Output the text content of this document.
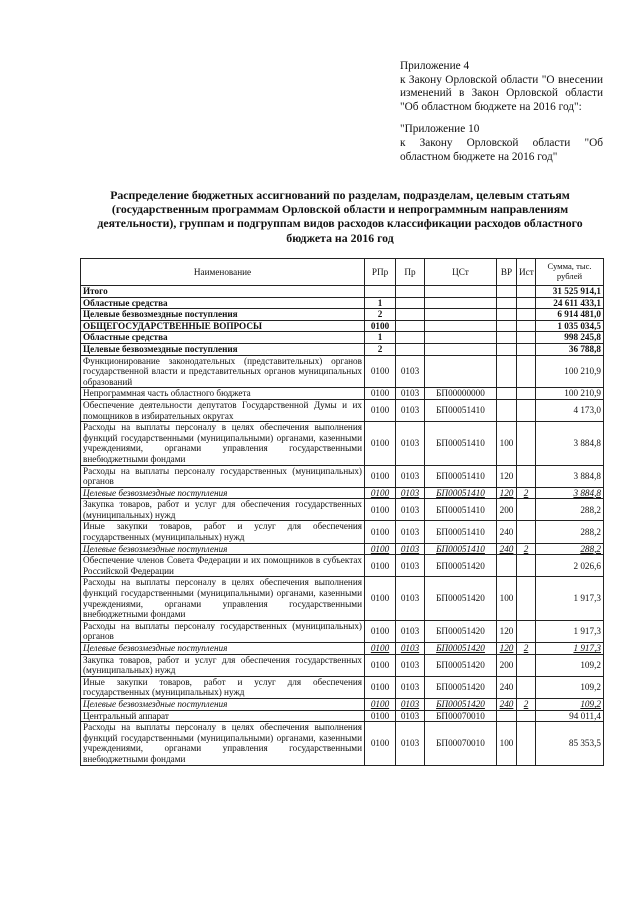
Приложение 4

к Закону Орловской области "О внесении изменений в Закон Орловской области "Об областном бюджете на 2016 год":

"Приложение 10

к Закону Орловской области "Об областном бюджете на 2016 год"

Распределение бюджетных ассигнований по разделам, подразделам, целевым статьям (государственным программам Орловской области и непрограммным направлениям деятельности), группам и подгруппам видов расходов классификации расходов областного бюджета на 2016 год
Наименование	РПр	Пр	ЦСт	ВР	Ист	Сумма, тыс. рублей
Итого						31 525 914,1
Областные средства	1					24 611 433,1
Целевые безвозмездные поступления	2					6 914 481,0
ОБЩЕГОСУДАРСТВЕННЫЕ ВОПРОСЫ	0100					1 035 034,5
Областные средства	1					998 245,8
Целевые безвозмездные поступления	2					36 788,8
Функционирование законодательных (представительных) органов государственной власти и представительных органов муниципальных образований	0100	0103				100 210,9
Непрограммная часть областного бюджета	0100	0103	БП00000000			100 210,9
Обеспечение деятельности депутатов Государственной Думы и их помощников в избирательных округах	0100	0103	БП00051410			4 173,0
Расходы на выплаты персоналу в целях обеспечения выполнения функций государственными (муниципальными) органами, казенными учреждениями, органами управления государственными внебюджетными фондами	0100	0103	БП00051410	100		3 884,8
Расходы на выплаты персоналу государственных (муниципальных) органов	0100	0103	БП00051410	120		3 884,8
Целевые безвозмездные поступления	0100	0103	БП00051410	120	2	3 884,8
Закупка товаров, работ и услуг для обеспечения государственных (муниципальных) нужд	0100	0103	БП00051410	200		288,2
Иные закупки товаров, работ и услуг для обеспечения государственных (муниципальных) нужд	0100	0103	БП00051410	240		288,2
Целевые безвозмездные поступления	0100	0103	БП00051410	240	2	288,2
Обеспечение членов Совета Федерации и их помощников в субъектах Российской Федерации	0100	0103	БП00051420			2 026,6
Расходы на выплаты персоналу в целях обеспечения выполнения функций государственными (муниципальными) органами, казенными учреждениями, органами управления государственными внебюджетными фондами	0100	0103	БП00051420	100		1 917,3
Расходы на выплаты персоналу государственных (муниципальных) органов	0100	0103	БП00051420	120		1 917,3
Целевые безвозмездные поступления	0100	0103	БП00051420	120	2	1 917,3
Закупка товаров, работ и услуг для обеспечения государственных (муниципальных) нужд	0100	0103	БП00051420	200		109,2
Иные закупки товаров, работ и услуг для обеспечения государственных (муниципальных) нужд	0100	0103	БП00051420	240		109,2
Целевые безвозмездные поступления	0100	0103	БП00051420	240	2	109,2
Центральный аппарат	0100	0103	БП00070010			94 011,4
Расходы на выплаты персоналу в целях обеспечения выполнения функций государственными (муниципальными) органами, казенными учреждениями, органами управления государственными внебюджетными фондами	0100	0103	БП00070010	100		85 353,5
